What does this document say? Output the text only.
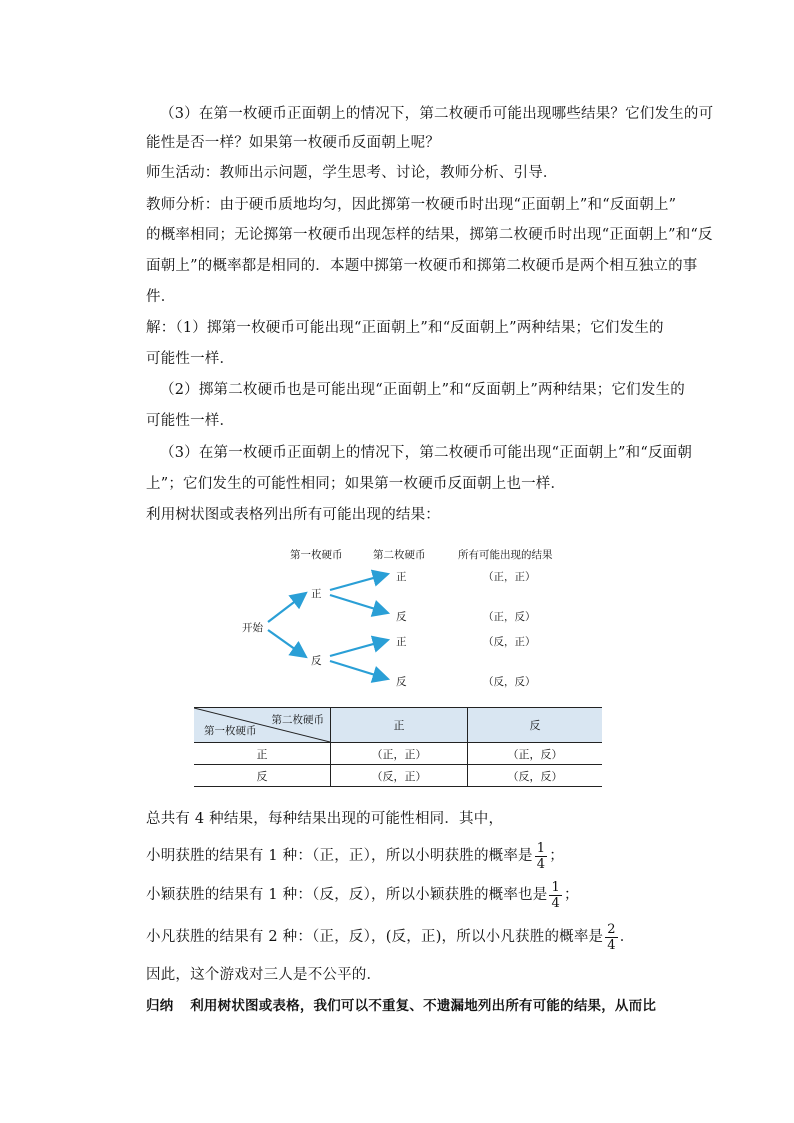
（3）在第一枚硬币正面朝上的情况下，第二枚硬币可能出现哪些结果？它们发生的可
能性是否一样？如果第一枚硬币反面朝上呢？
师生活动：教师出示问题，学生思考、讨论，教师分析、引导．
教师分析：由于硬币质地均匀，因此掷第一枚硬币时出现“正面朝上”和“反面朝上”
的概率相同；无论掷第一枚硬币出现怎样的结果，掷第二枚硬币时出现“正面朝上”和“反
面朝上”的概率都是相同的．本题中掷第一枚硬币和掷第二枚硬币是两个相互独立的事
件．
解：（1）掷第一枚硬币可能出现“正面朝上”和“反面朝上”两种结果；它们发生的
可能性一样．
（2）掷第二枚硬币也是可能出现“正面朝上”和“反面朝上”两种结果；它们发生的
可能性一样．
（3）在第一枚硬币正面朝上的情况下，第二枚硬币可能出现“正面朝上”和“反面朝
上”；它们发生的可能性相同；如果第一枚硬币反面朝上也一样．
利用树状图或表格列出所有可能出现的结果：
第一枚硬币	第二枚硬币	所有可能出现的结果
开始
正
反
正
反
正
反
（正，正）
（正，反）
（反，正）
（反，反）
第二枚硬币
第一枚硬币	正	反
正	（正，正）	（正，反）
反	（反，正）	（反，反）
总共有 4 种结果，每种结果出现的可能性相同．其中，
小明获胜的结果有 1 种：（正，正），所以小明获胜的概率是 $\frac{1}{4}$ ；
小颖获胜的结果有 1 种：（反，反），所以小颖获胜的概率也是 $\frac{1}{4}$ ；
小凡获胜的结果有 2 种：（正，反），(反，正)，所以小凡获胜的概率是 $\frac{2}{4}$ ．
因此，这个游戏对三人是不公平的．
归纳 利用树状图或表格，我们可以不重复、不遗漏地列出所有可能的结果，从而比
